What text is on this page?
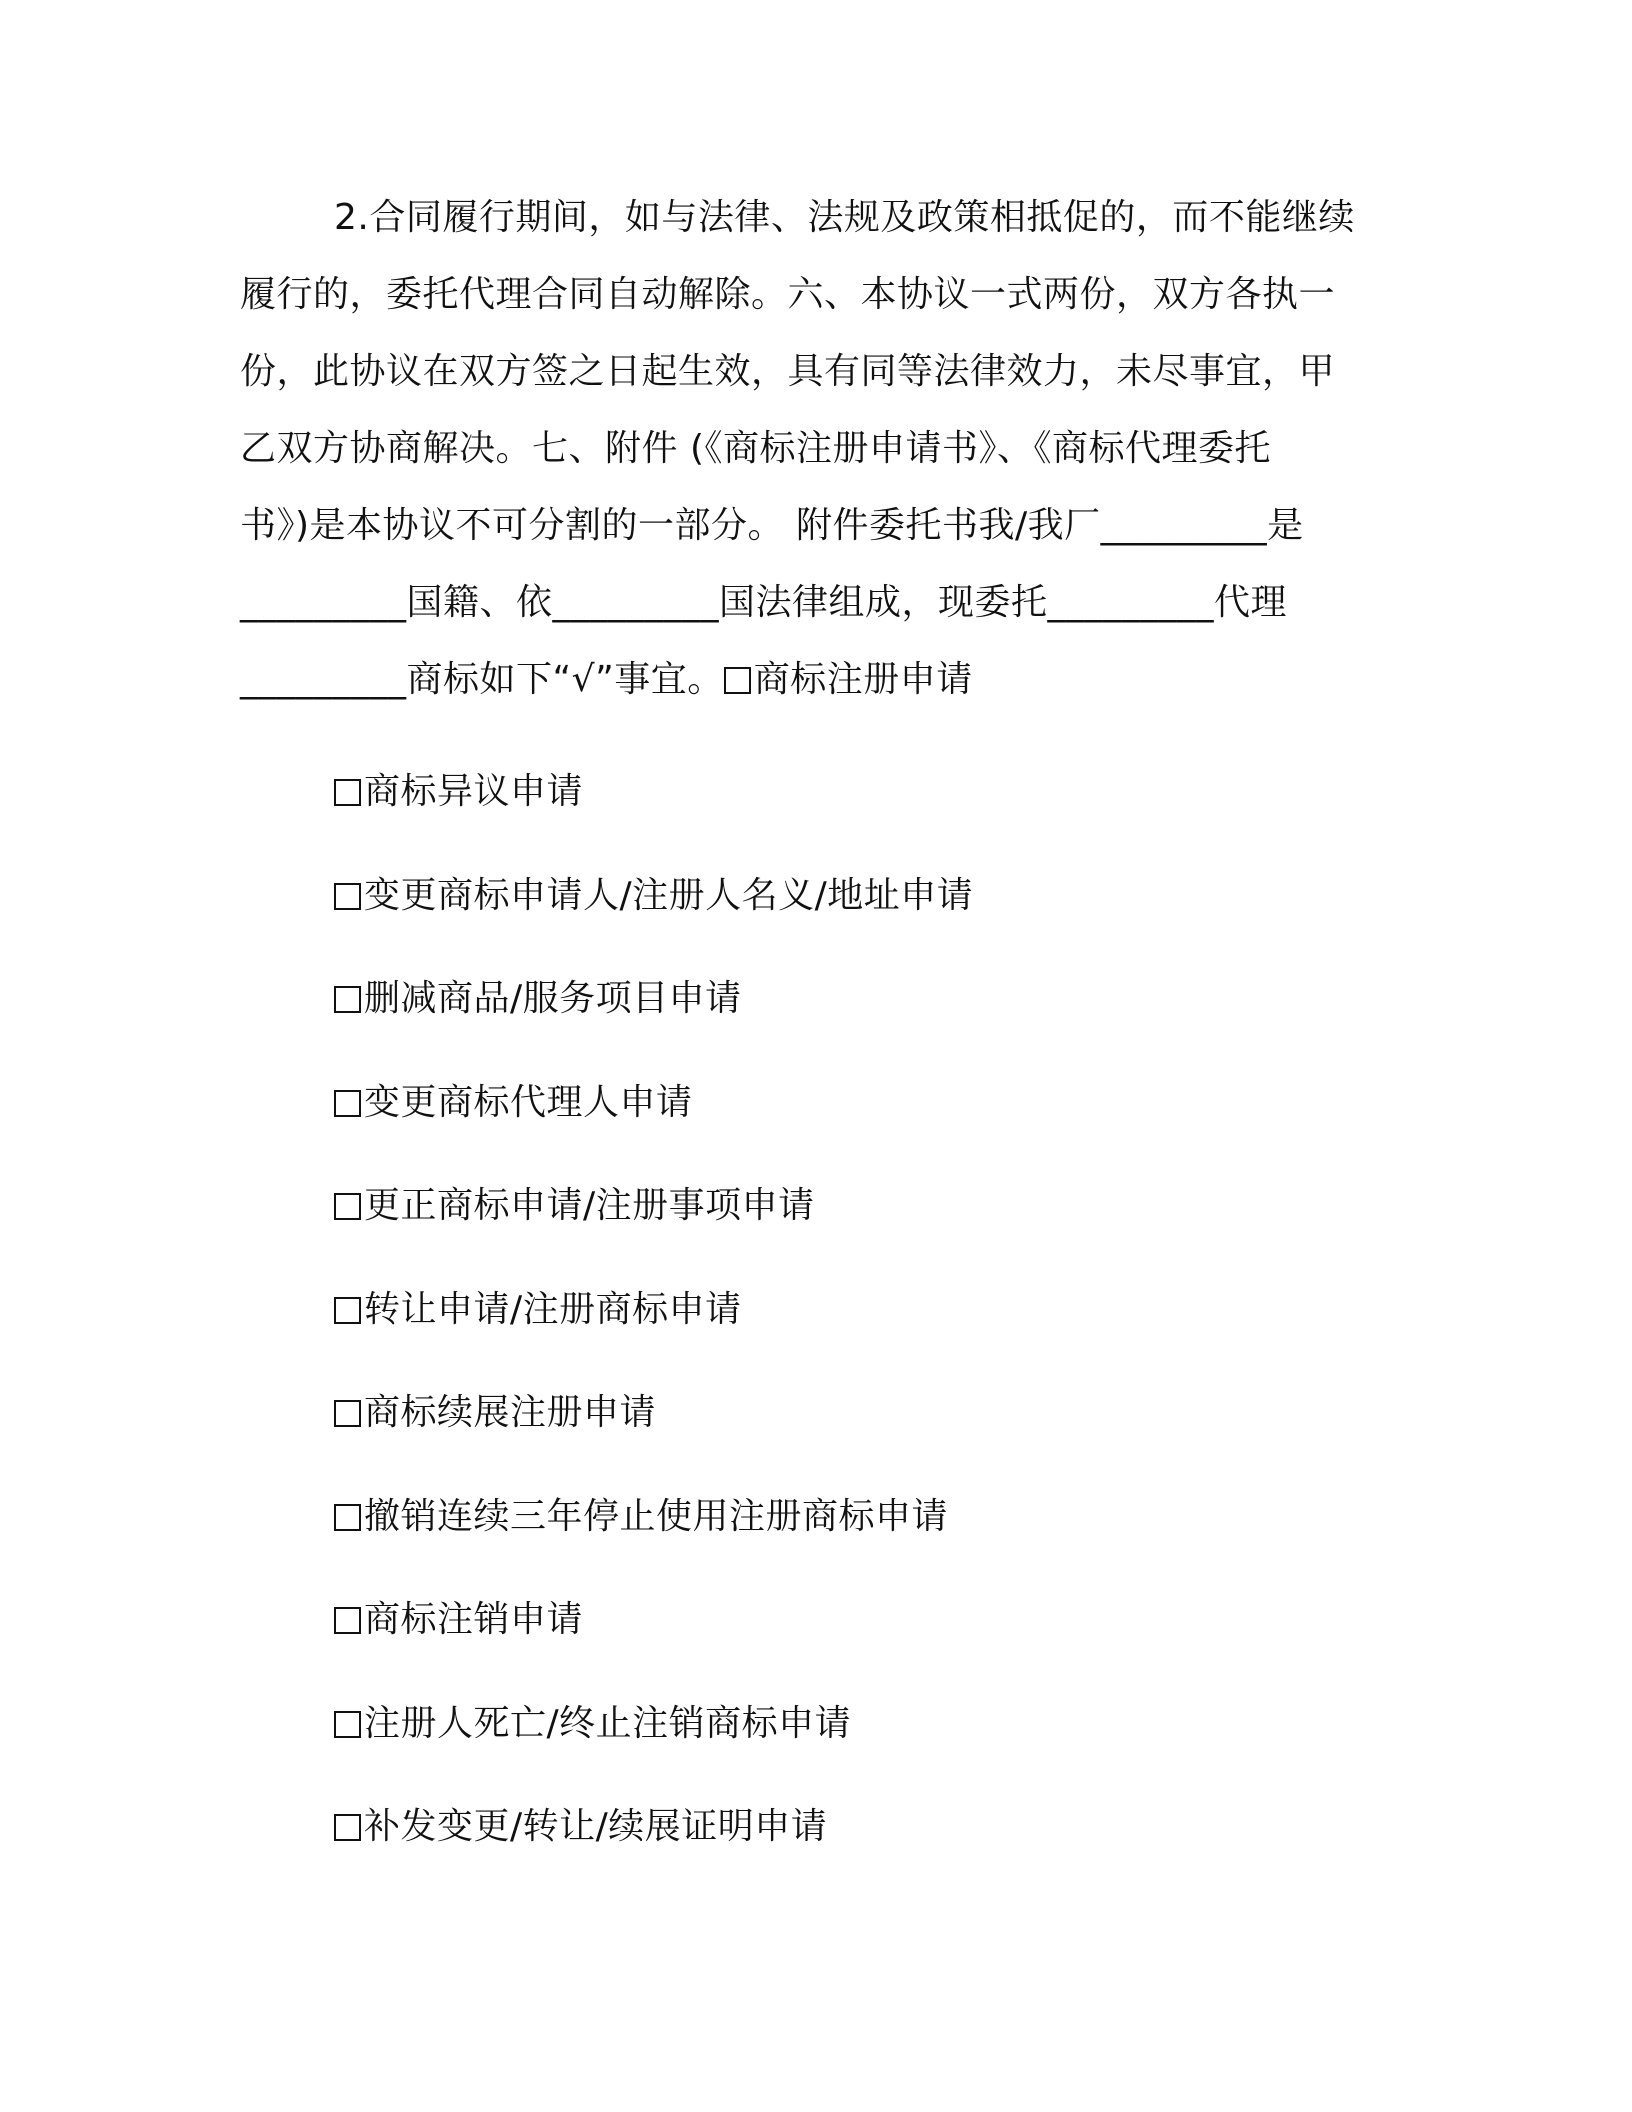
2.合同履行期间，如与法律、法规及政策相抵促的，而不能继续
履行的，委托代理合同自动解除。六、本协议一式两份，双方各执一
份，此协议在双方签之日起生效，具有同等法律效力，未尽事宜，甲
乙双方协商解决。七、附件 (《商标注册申请书》、《商标代理委托
书》)是本协议不可分割的一部分。 附件委托书我/我厂_________是
_________国籍、依_________国法律组成，现委托_________代理
_________商标如下“√”事宜。 商标注册申请
商标异议申请
变更商标申请人/注册人名义/地址申请
删减商品/服务项目申请
变更商标代理人申请
更正商标申请/注册事项申请
转让申请/注册商标申请
商标续展注册申请
撤销连续三年停止使用注册商标申请
商标注销申请
注册人死亡/终止注销商标申请
补发变更/转让/续展证明申请
